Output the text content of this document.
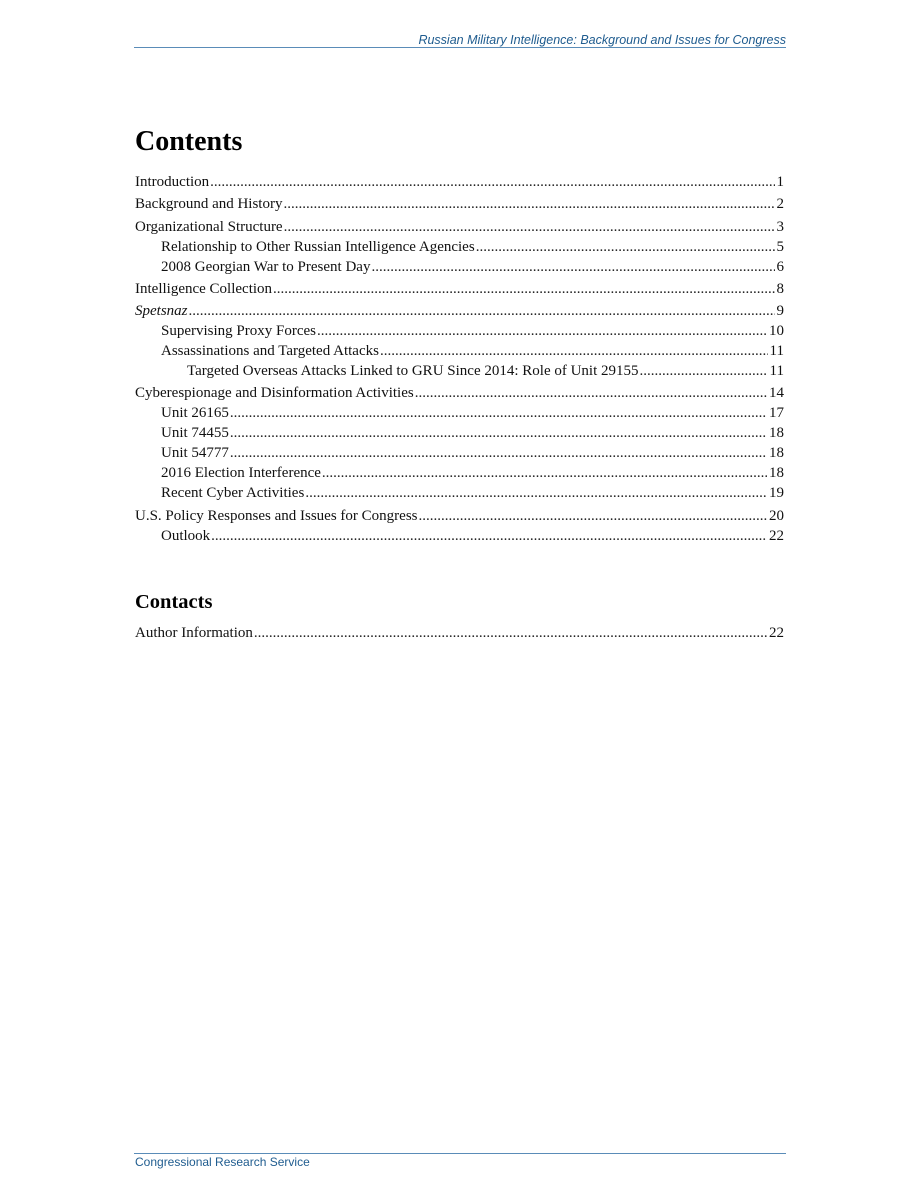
Russian Military Intelligence: Background and Issues for Congress
Contents
Introduction .....	1
Background and History .....	2
Organizational Structure .....	3
Relationship to Other Russian Intelligence Agencies .....	5
2008 Georgian War to Present Day .....	6
Intelligence Collection .....	8
Spetsnaz .....	9
Supervising Proxy Forces .....	10
Assassinations and Targeted Attacks .....	11
Targeted Overseas Attacks Linked to GRU Since 2014: Role of Unit 29155 .....	11
Cyberespionage and Disinformation Activities .....	14
Unit 26165 .....	17
Unit 74455 .....	18
Unit 54777 .....	18
2016 Election Interference .....	18
Recent Cyber Activities .....	19
U.S. Policy Responses and Issues for Congress .....	20
Outlook .....	22
Contacts
Author Information .....	22
Congressional Research Service
